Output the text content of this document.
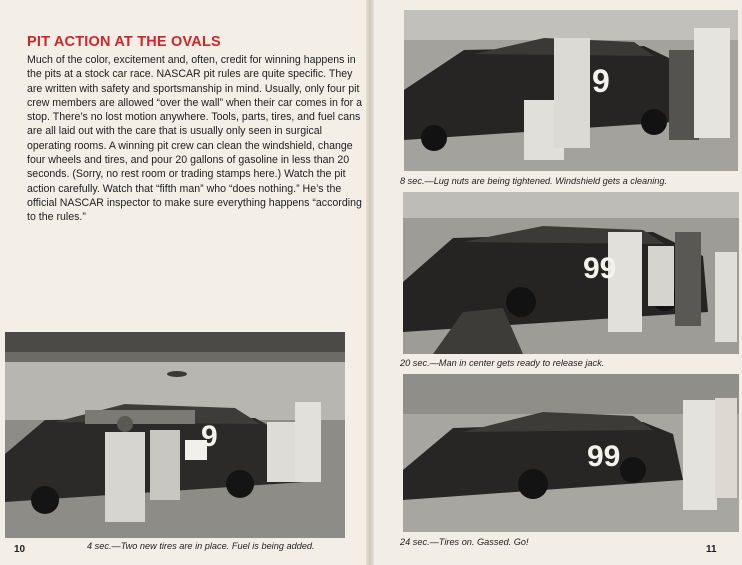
PIT ACTION AT THE OVALS

Much of the color, excitement and, often, credit for winning happens in the pits at a stock car race. NASCAR pit rules are quite specific. They are written with safety and sportsmanship in mind. Usually, only four pit crew members are allowed “over the wall” when their car comes in for a stop. There’s no lost motion anywhere. Tools, parts, tires, and fuel cans are all laid out with the care that is usually only seen in surgical operating rooms. A winning pit crew can clean the windshield, change four wheels and tires, and pour 20 gallons of gasoline in less than 20 seconds. (Sorry, no rest room or trading stamps here.) Watch the pit action carefully. Watch that “fifth man” who “does nothing.” He’s the official NASCAR inspector to make sure everything happens “according to the rules.”

9
4 sec.—Two new tires are in place. Fuel is being added.
10
9
8 sec.—Lug nuts are being tightened. Windshield gets a cleaning.
99
20 sec.—Man in center gets ready to release jack.
99
24 sec.—Tires on. Gassed. Go!
11
